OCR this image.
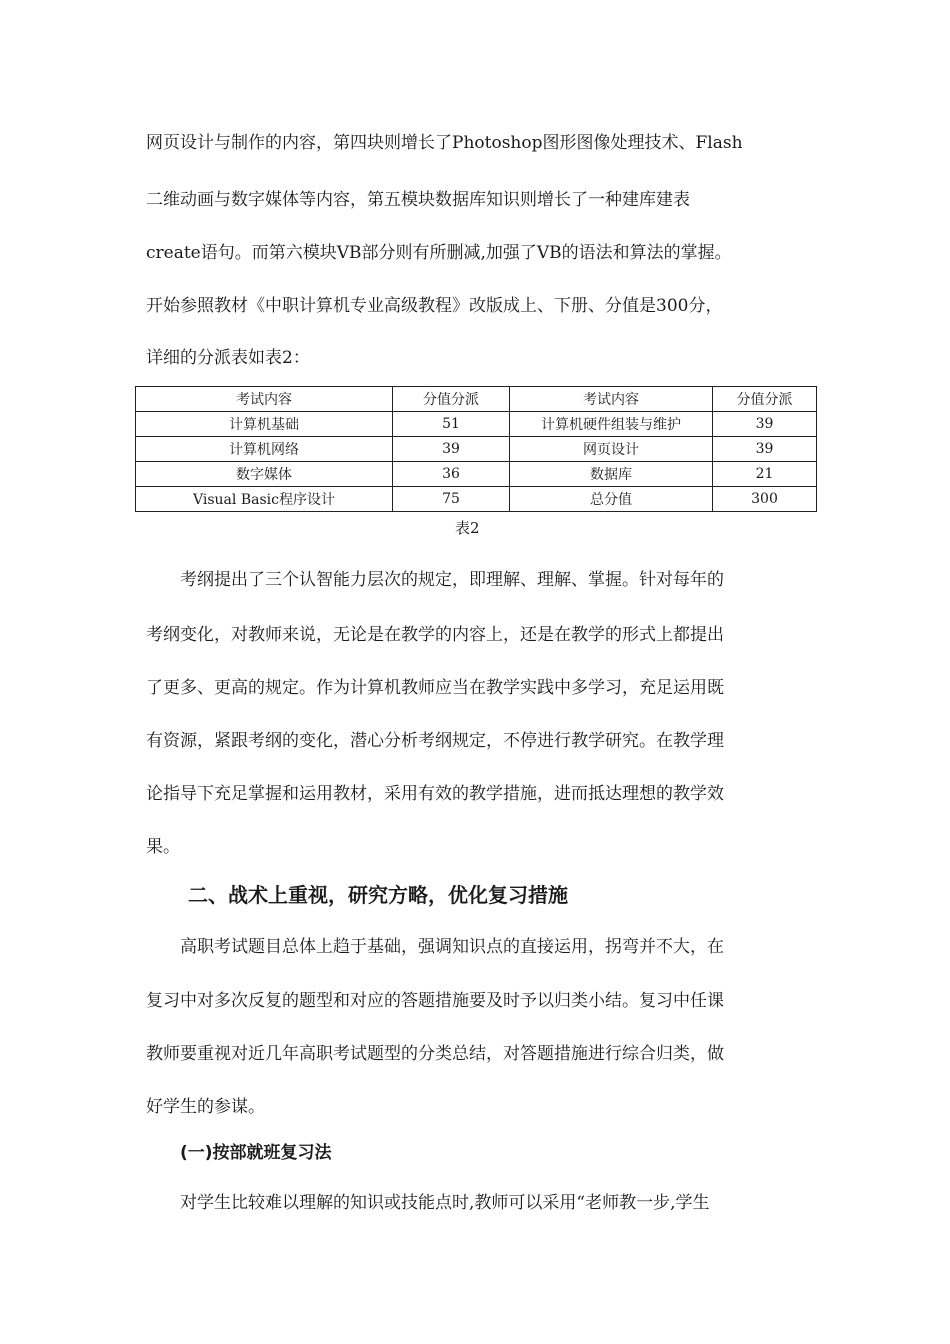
网页设计与制作的内容，第四块则增长了Photoshop图形图像处理技术、Flash
二维动画与数字媒体等内容，第五模块数据库知识则增长了一种建库建表
create语句。而第六模块VB部分则有所删减,加强了VB的语法和算法的掌握。
开始参照教材《中职计算机专业高级教程》改版成上、下册、分值是300分，
详细的分派表如表2：
考试内容	分值分派	考试内容	分值分派
计算机基础	51	计算机硬件组装与维护	39
计算机网络	39	网页设计	39
数字媒体	36	数据库	21
Visual Basic程序设计	75	总分值	300
表2
考纲提出了三个认智能力层次的规定，即理解、理解、掌握。针对每年的
考纲变化，对教师来说，无论是在教学的内容上，还是在教学的形式上都提出
了更多、更高的规定。作为计算机教师应当在教学实践中多学习，充足运用既
有资源，紧跟考纲的变化，潜心分析考纲规定，不停进行教学研究。在教学理
论指导下充足掌握和运用教材，采用有效的教学措施，进而抵达理想的教学效
果。
二、战术上重视，研究方略，优化复习措施
高职考试题目总体上趋于基础，强调知识点的直接运用，拐弯并不大，在
复习中对多次反复的题型和对应的答题措施要及时予以归类小结。复习中任课
教师要重视对近几年高职考试题型的分类总结，对答题措施进行综合归类，做
好学生的参谋。
(一)按部就班复习法
对学生比较难以理解的知识或技能点时,教师可以采用“老师教一步,学生
